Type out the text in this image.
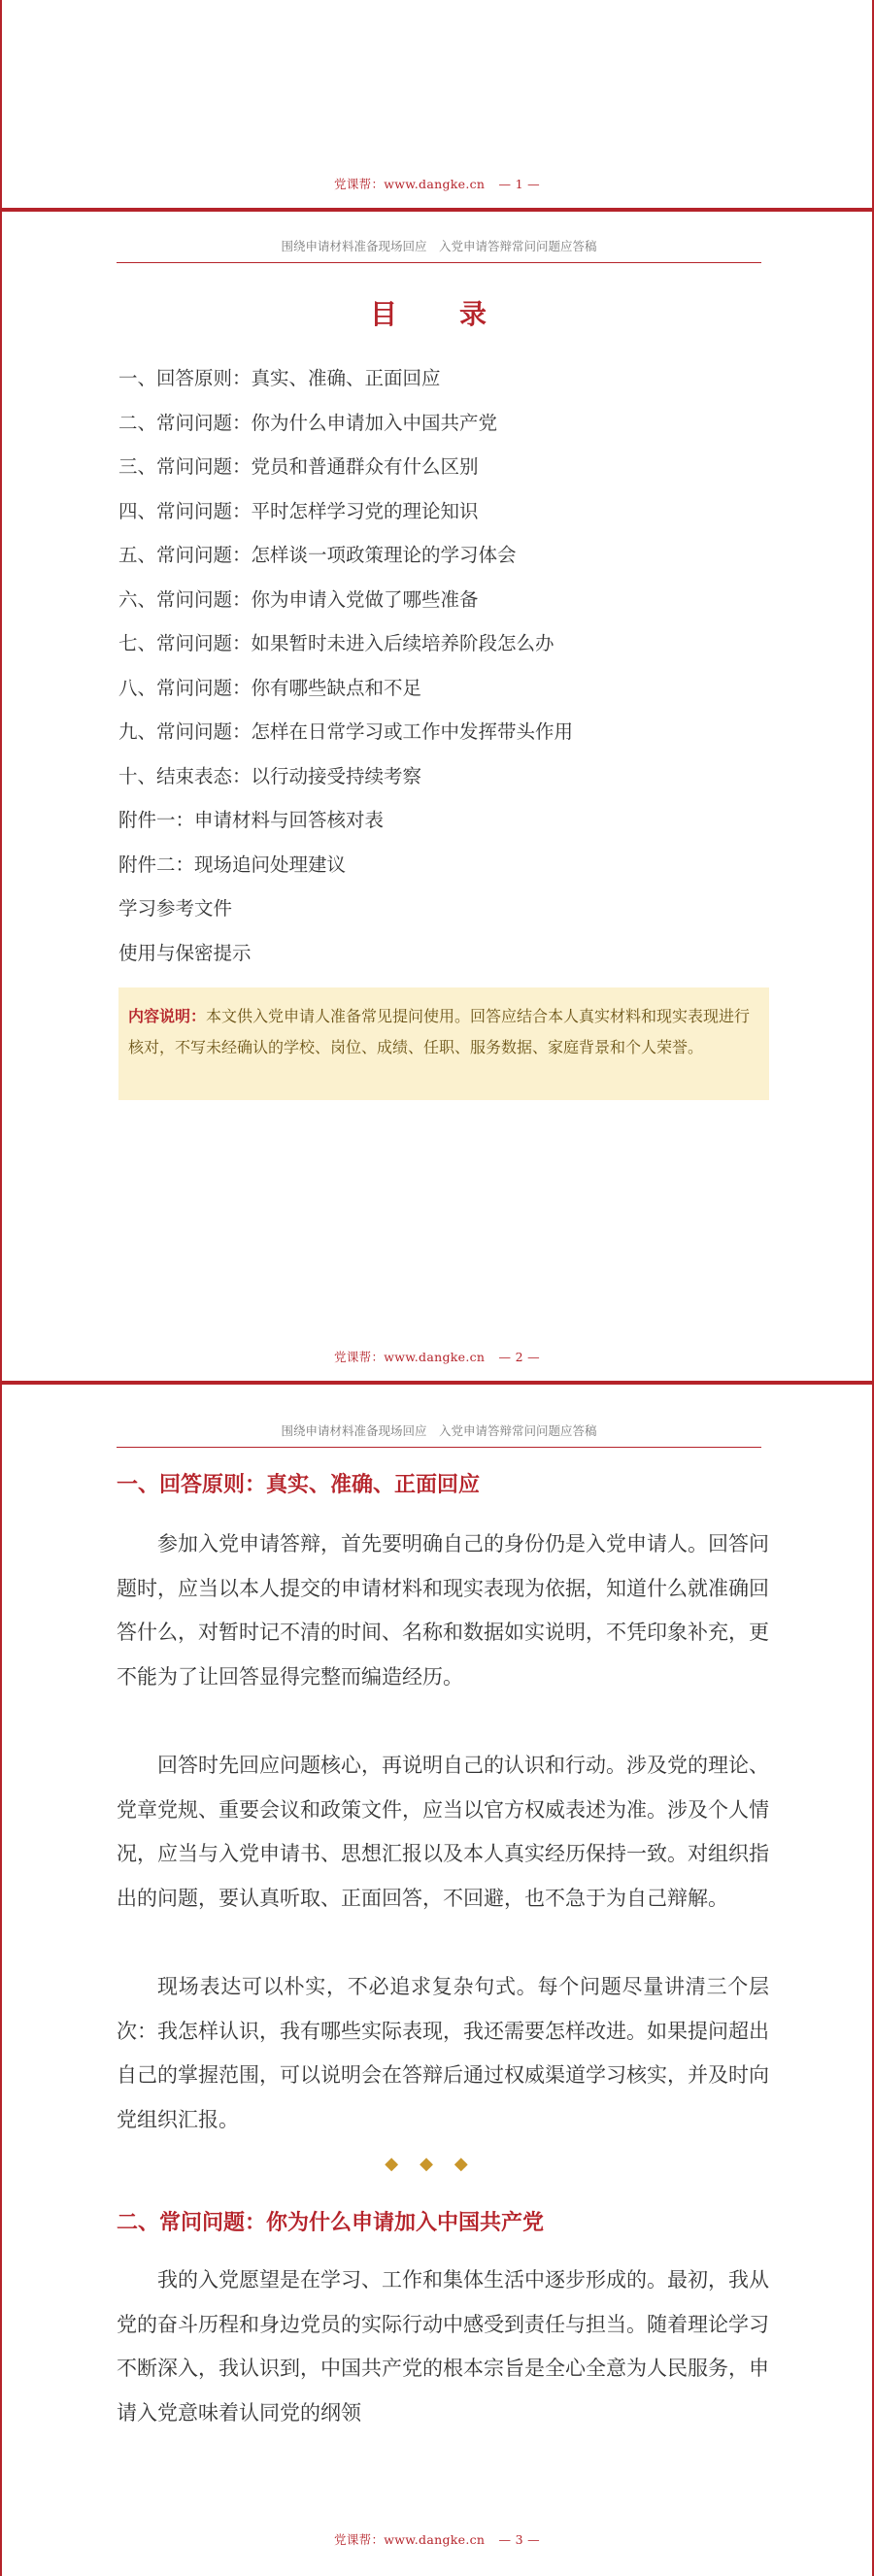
党课帮：www.dangke.cn — 1 —
围绕申请材料准备现场回应　入党申请答辩常问问题应答稿
目　录
一、回答原则：真实、准确、正面回应
二、常问问题：你为什么申请加入中国共产党
三、常问问题：党员和普通群众有什么区别
四、常问问题：平时怎样学习党的理论知识
五、常问问题：怎样谈一项政策理论的学习体会
六、常问问题：你为申请入党做了哪些准备
七、常问问题：如果暂时未进入后续培养阶段怎么办
八、常问问题：你有哪些缺点和不足
九、常问问题：怎样在日常学习或工作中发挥带头作用
十、结束表态：以行动接受持续考察
附件一：申请材料与回答核对表
附件二：现场追问处理建议
学习参考文件
使用与保密提示
内容说明：本文供入党申请人准备常见提问使用。回答应结合本人真实材料和现实表现进行核对，不写未经确认的学校、岗位、成绩、任职、服务数据、家庭背景和个人荣誉。
党课帮：www.dangke.cn — 2 —
围绕申请材料准备现场回应　入党申请答辩常问问题应答稿
党课帮：www.dangke.cn — 3 —
一、回答原则：真实、准确、正面回应

参加入党申请答辩，首先要明确自己的身份仍是入党申请人。回答问题时，应当以本人提交的申请材料和现实表现为依据，知道什么就准确回答什么，对暂时记不清的时间、名称和数据如实说明，不凭印象补充，更不能为了让回答显得完整而编造经历。

回答时先回应问题核心，再说明自己的认识和行动。涉及党的理论、党章党规、重要会议和政策文件，应当以官方权威表述为准。涉及个人情况，应当与入党申请书、思想汇报以及本人真实经历保持一致。对组织指出的问题，要认真听取、正面回答，不回避，也不急于为自己辩解。

现场表达可以朴实，不必追求复杂句式。每个问题尽量讲清三个层次：我怎样认识，我有哪些实际表现，我还需要怎样改进。如果提问超出自己的掌握范围，可以说明会在答辩后通过权威渠道学习核实，并及时向党组织汇报。

◆◆◆
二、常问问题：你为什么申请加入中国共产党

我的入党愿望是在学习、工作和集体生活中逐步形成的。最初，我从党的奋斗历程和身边党员的实际行动中感受到责任与担当。随着理论学习不断深入，我认识到，中国共产党的根本宗旨是全心全意为人民服务，申请入党意味着认同党的纲领
